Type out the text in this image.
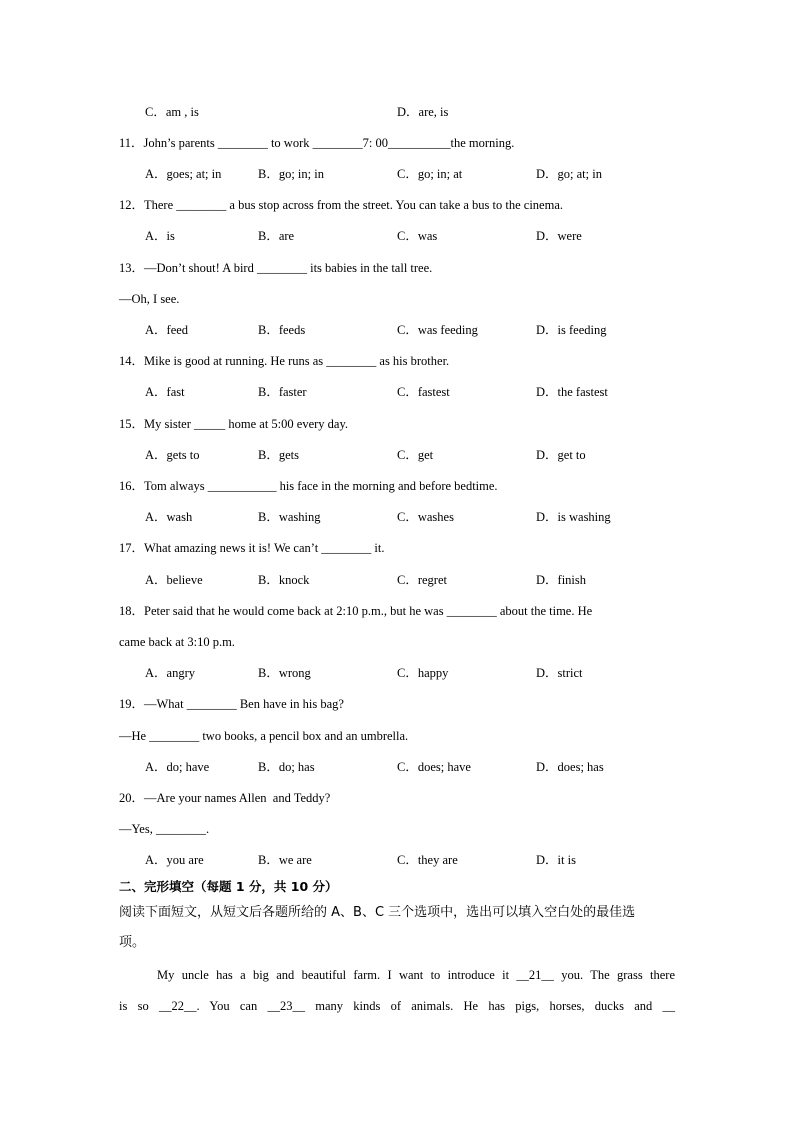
C．am , is	D．are, is
11．John’s parents ________ to work ________7: 00__________the morning.
A．goes; at; in	B．go; in; in	C．go; in; at	D．go; at; in
12．There ________ a bus stop across from the street. You can take a bus to the cinema.
A．is	B．are	C．was	D．were
13．—Don’t shout! A bird ________ its babies in the tall tree.
—Oh, I see.
A．feed	B．feeds	C．was feeding	D．is feeding
14．Mike is good at running. He runs as ________ as his brother.
A．fast	B．faster	C．fastest	D．the fastest
15．My sister _____ home at 5:00 every day.
A．gets to	B．gets	C．get	D．get to
16．Tom always ___________ his face in the morning and before bedtime.
A．wash	B．washing	C．washes	D．is washing
17．What amazing news it is! We can’t ________ it.
A．believe	B．knock	C．regret	D．finish
18．Peter said that he would come back at 2:10 p.m., but he was ________ about the time. He
came back at 3:10 p.m.
A．angry	B．wrong	C．happy	D．strict
19．—What ________ Ben have in his bag?
—He ________ two books, a pencil box and an umbrella.
A．do; have	B．do; has	C．does; have	D．does; has
20．—Are your names Allen  and Teddy?
—Yes, ________.
A．you are	B．we are	C．they are	D．it is
二、完形填空（每题 1 分，共 10 分）
阅读下面短文，从短文后各题所给的 A、B、C 三个选项中，选出可以填入空白处的最佳选
项。
My uncle has a big and beautiful farm. I want to introduce it __21__ you. The grass there
is so __22__. You can __23__ many kinds of animals. He has pigs, horses, ducks and __
